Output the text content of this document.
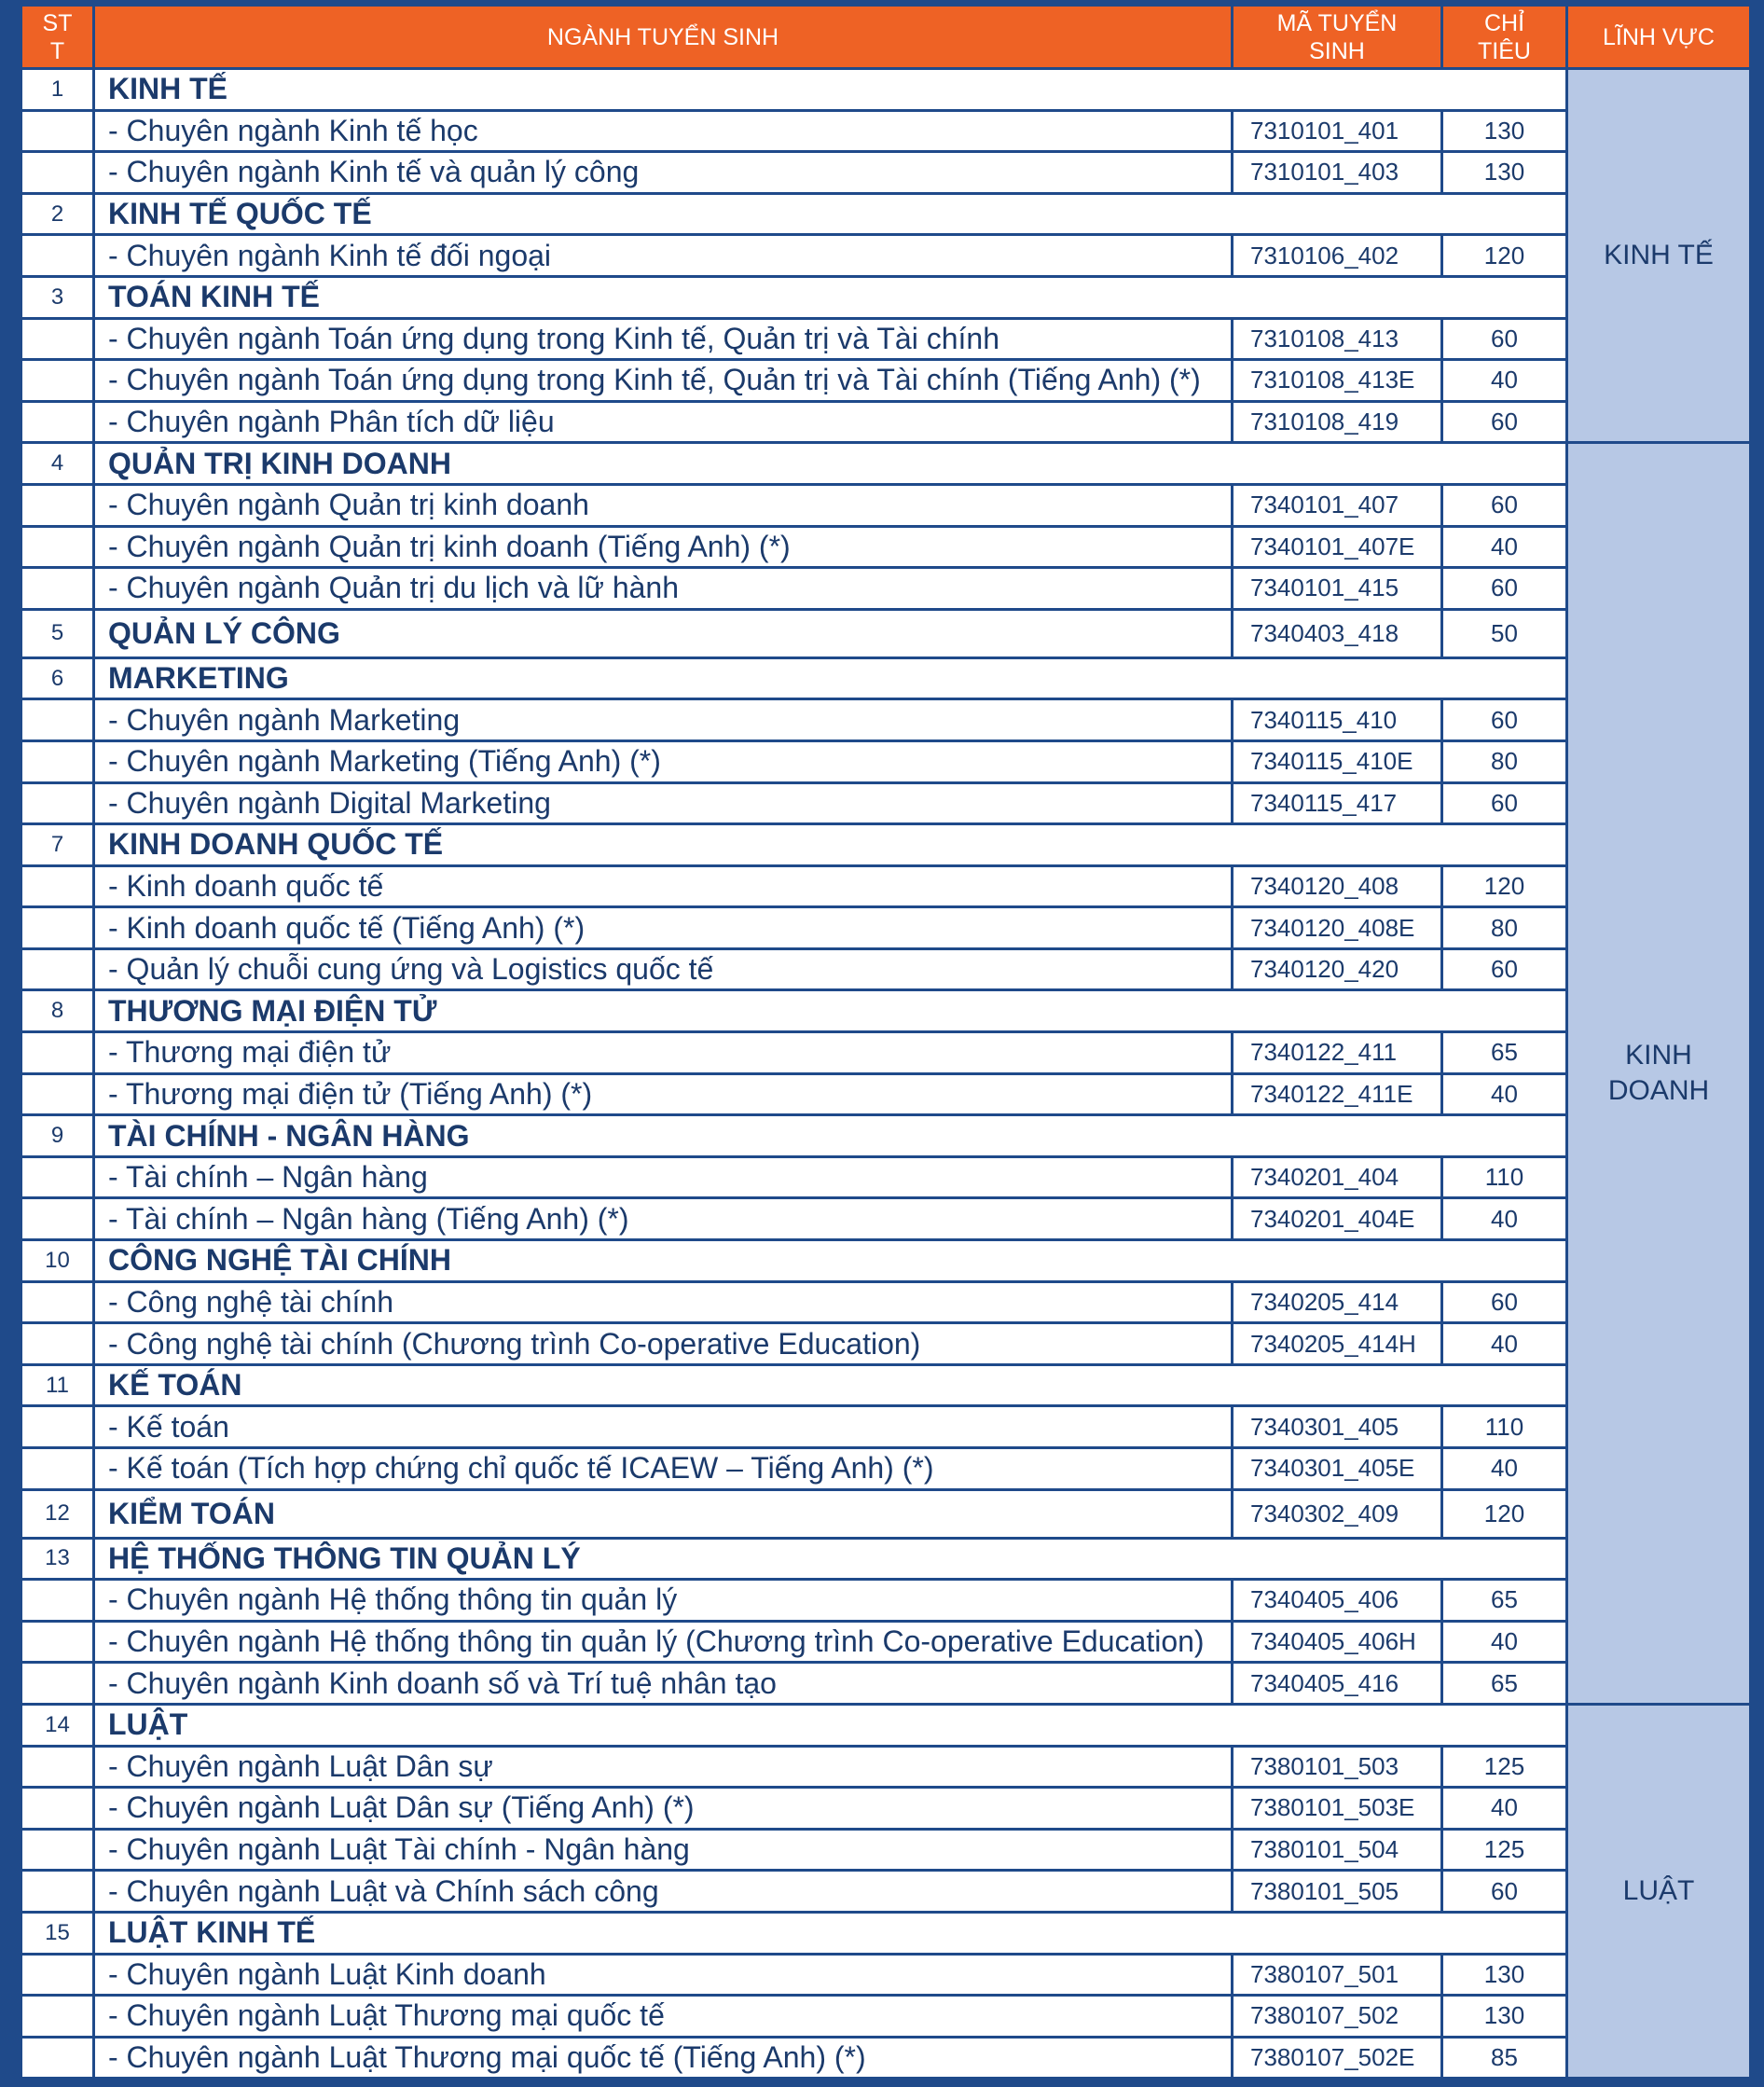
ST T	NGÀNH TUYỂN SINH	MÃ TUYỂN SINH	CHỈ TIÊU	LĨNH VỰC
1	KINH TẾ			KINH TẾ
	- Chuyên ngành Kinh tế học	7310101_401	130	
	- Chuyên ngành Kinh tế và quản lý công	7310101_403	130	
2	KINH TẾ QUỐC TẾ			
	- Chuyên ngành Kinh tế đối ngoại	7310106_402	120	
3	TOÁN KINH TẾ			
	- Chuyên ngành Toán ứng dụng trong Kinh tế, Quản trị và Tài chính	7310108_413	60	
	- Chuyên ngành Toán ứng dụng trong Kinh tế, Quản trị và Tài chính (Tiếng Anh) (*)	7310108_413E	40	
	- Chuyên ngành Phân tích dữ liệu	7310108_419	60	
4	QUẢN TRỊ KINH DOANH			KINH DOANH
	- Chuyên ngành Quản trị kinh doanh	7340101_407	60	
	- Chuyên ngành Quản trị kinh doanh (Tiếng Anh) (*)	7340101_407E	40	
	- Chuyên ngành Quản trị du lịch và lữ hành	7340101_415	60	
5	QUẢN LÝ CÔNG	7340403_418	50	
6	MARKETING			
	- Chuyên ngành Marketing	7340115_410	60	
	- Chuyên ngành Marketing (Tiếng Anh) (*)	7340115_410E	80	
	- Chuyên ngành Digital Marketing	7340115_417	60	
7	KINH DOANH QUỐC TẾ			
	- Kinh doanh quốc tế	7340120_408	120	
	- Kinh doanh quốc tế (Tiếng Anh) (*)	7340120_408E	80	
	- Quản lý chuỗi cung ứng và Logistics quốc tế	7340120_420	60	
8	THƯƠNG MẠI ĐIỆN TỬ			
	- Thương mại điện tử	7340122_411	65	
	- Thương mại điện tử (Tiếng Anh) (*)	7340122_411E	40	
9	TÀI CHÍNH - NGÂN HÀNG			
	- Tài chính – Ngân hàng	7340201_404	110	
	- Tài chính – Ngân hàng (Tiếng Anh) (*)	7340201_404E	40	
10	CÔNG NGHỆ TÀI CHÍNH			
	- Công nghệ tài chính	7340205_414	60	
	- Công nghệ tài chính (Chương trình Co-operative Education)	7340205_414H	40	
11	KẾ TOÁN			
	- Kế toán	7340301_405	110	
	- Kế toán (Tích hợp chứng chỉ quốc tế ICAEW – Tiếng Anh) (*)	7340301_405E	40	
12	KIỂM TOÁN	7340302_409	120	
13	HỆ THỐNG THÔNG TIN QUẢN LÝ			
	- Chuyên ngành Hệ thống thông tin quản lý	7340405_406	65	
	- Chuyên ngành Hệ thống thông tin quản lý (Chương trình Co-operative Education)	7340405_406H	40	
	- Chuyên ngành Kinh doanh số và Trí tuệ nhân tạo	7340405_416	65	
14	LUẬT			LUẬT
	- Chuyên ngành Luật Dân sự	7380101_503	125	
	- Chuyên ngành Luật Dân sự (Tiếng Anh) (*)	7380101_503E	40	
	- Chuyên ngành Luật Tài chính - Ngân hàng	7380101_504	125	
	- Chuyên ngành Luật và Chính sách công	7380101_505	60	
15	LUẬT KINH TẾ			
	- Chuyên ngành Luật Kinh doanh	7380107_501	130	
	- Chuyên ngành Luật Thương mại quốc tế	7380107_502	130	
	- Chuyên ngành Luật Thương mại quốc tế (Tiếng Anh) (*)	7380107_502E	85	
